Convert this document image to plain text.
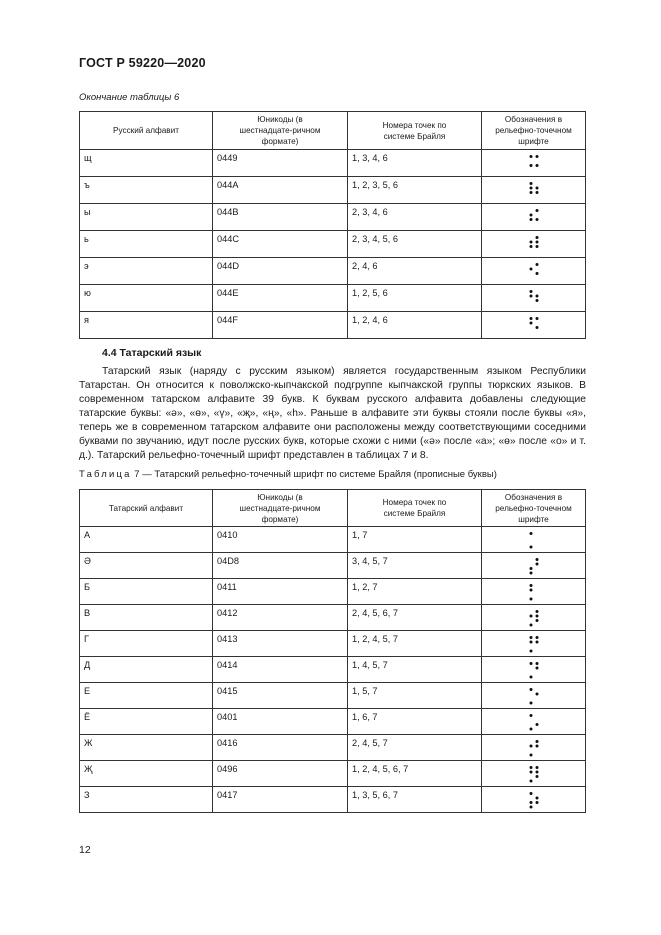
ГОСТ Р 59220—2020
Окончание таблицы 6
Русский алфавит	Юникоды (в шестнадцате-ричном формате)	Номера точек по системе Брайля	Обозначения в рельефно-точечном шрифте

щ	0449	1, 3, 4, 6	

ъ	044A	1, 2, 3, 5, 6	

ы	044B	2, 3, 4, 6	

ь	044C	2, 3, 4, 5, 6	

э	044D	2, 4, 6	

ю	044E	1, 2, 5, 6	

я	044F	1, 2, 4, 6	
4.4 Татарский язык

Татарский язык (наряду с русским языком) является государственным языком Республики Татарстан. Он относится к поволжско-кыпчакской подгруппе кыпчакской группы тюркских языков. В современном татарском алфавите 39 букв. К буквам русского алфавита добавлены следующие татарские буквы: «ә», «ө», «ү», «җ», «ң», «һ». Раньше в алфавите эти буквы стояли после буквы «я», теперь же в современном татарском алфавите они расположены между соответствующими соседними буквами по звучанию, идут после русских букв, которые схожи с ними («ә» после «а»; «ө» после «о» и т. д.). Татарский рельефно-точечный шрифт представлен в таблицах 7 и 8.

Таблица 7 — Татарский рельефно-точечный шрифт по системе Брайля (прописные буквы)
Татарский алфавит	Юникоды (в шестнадцате-ричном формате)	Номера точек по системе Брайля	Обозначения в рельефно-точечном шрифте

А	0410	1, 7	

Ә	04D8	3, 4, 5, 7	

Б	0411	1, 2, 7	

В	0412	2, 4, 5, 6, 7	

Г	0413	1, 2, 4, 5, 7	

Д	0414	1, 4, 5, 7	

Е	0415	1, 5, 7	

Ё	0401	1, 6, 7	

Ж	0416	2, 4, 5, 7	

Җ	0496	1, 2, 4, 5, 6, 7	

З	0417	1, 3, 5, 6, 7	
12
